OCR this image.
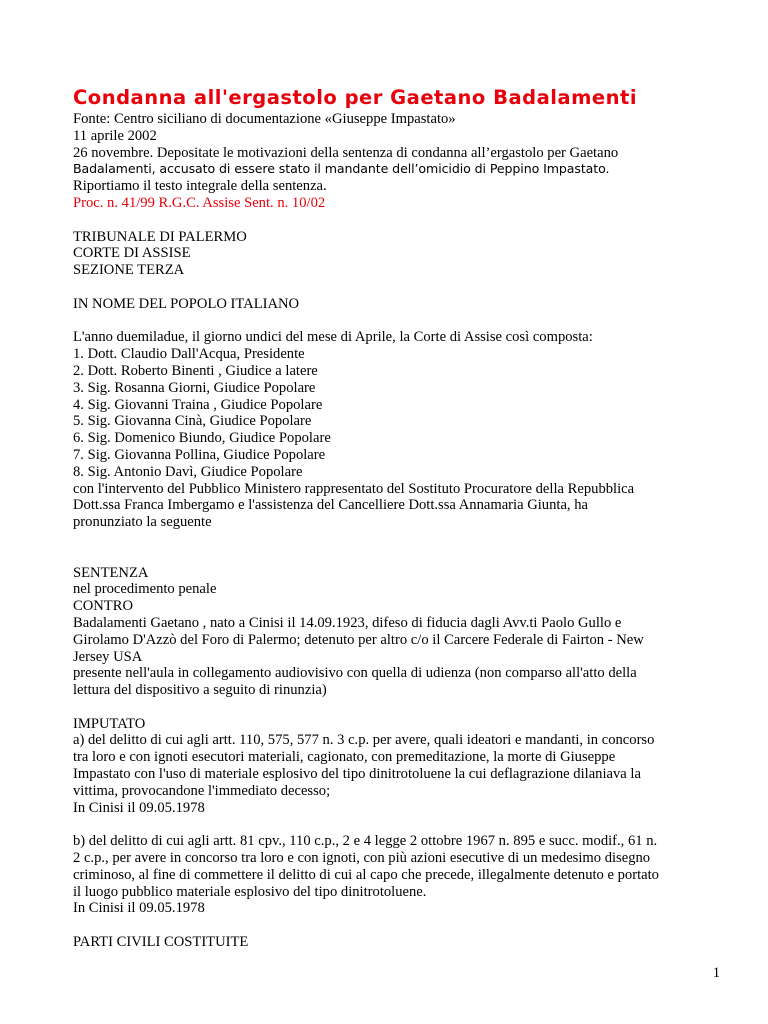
Condanna all'ergastolo per Gaetano Badalamenti
Fonte: Centro siciliano di documentazione «Giuseppe Impastato»
11 aprile 2002
26 novembre. Depositate le motivazioni della sentenza di condanna all’ergastolo per Gaetano
Badalamenti, accusato di essere stato il mandante dell’omicidio di Peppino Impastato.
Riportiamo il testo integrale della sentenza.
Proc. n. 41/99 R.G.C. Assise Sent. n. 10/02
TRIBUNALE DI PALERMO
CORTE DI ASSISE
SEZIONE TERZA
IN NOME DEL POPOLO ITALIANO
L'anno duemiladue, il giorno undici del mese di Aprile, la Corte di Assise così composta:
1. Dott. Claudio Dall'Acqua, Presidente
2. Dott. Roberto Binenti , Giudice a latere
3. Sig. Rosanna Giorni, Giudice Popolare
4. Sig. Giovanni Traina , Giudice Popolare
5. Sig. Giovanna Cinà, Giudice Popolare
6. Sig. Domenico Biundo, Giudice Popolare
7. Sig. Giovanna Pollina, Giudice Popolare
8. Sig. Antonio Davì, Giudice Popolare
con l'intervento del Pubblico Ministero rappresentato del Sostituto Procuratore della Repubblica
Dott.ssa Franca Imbergamo e l'assistenza del Cancelliere Dott.ssa Annamaria Giunta, ha
pronunziato la seguente
SENTENZA
nel procedimento penale
CONTRO
Badalamenti Gaetano , nato a Cinisi il 14.09.1923, difeso di fiducia dagli Avv.ti Paolo Gullo e
Girolamo D'Azzò del Foro di Palermo; detenuto per altro c/o il Carcere Federale di Fairton - New
Jersey USA
presente nell'aula in collegamento audiovisivo con quella di udienza (non comparso all'atto della
lettura del dispositivo a seguito di rinunzia)
IMPUTATO
a) del delitto di cui agli artt. 110, 575, 577 n. 3 c.p. per avere, quali ideatori e mandanti, in concorso
tra loro e con ignoti esecutori materiali, cagionato, con premeditazione, la morte di Giuseppe
Impastato con l'uso di materiale esplosivo del tipo dinitrotoluene la cui deflagrazione dilaniava la
vittima, provocandone l'immediato decesso;
In Cinisi il 09.05.1978
b) del delitto di cui agli artt. 81 cpv., 110 c.p., 2 e 4 legge 2 ottobre 1967 n. 895 e succ. modif., 61 n.
2 c.p., per avere in concorso tra loro e con ignoti, con più azioni esecutive di un medesimo disegno
criminoso, al fine di commettere il delitto di cui al capo che precede, illegalmente detenuto e portato
il luogo pubblico materiale esplosivo del tipo dinitrotoluene.
In Cinisi il 09.05.1978
PARTI CIVILI COSTITUITE
1
